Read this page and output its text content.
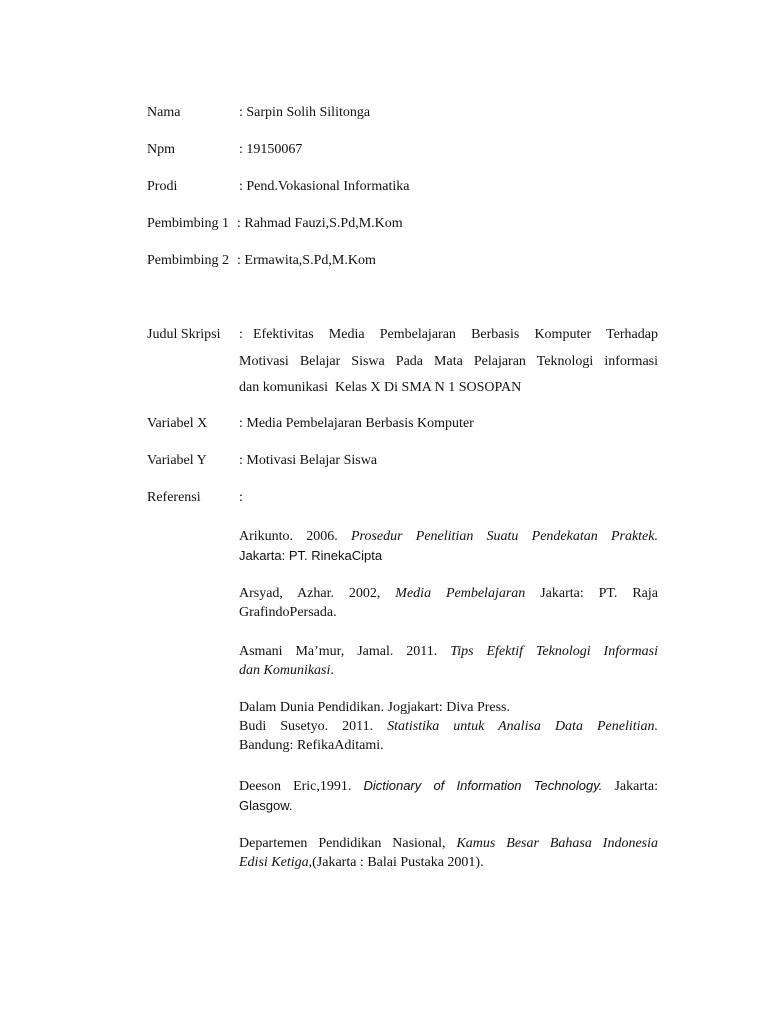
Nama	: Sarpin Solih Silitonga
Npm	: 19150067
Prodi	: Pend.Vokasional Informatika
Pembimbing 1 : Rahmad Fauzi,S.Pd,M.Kom
Pembimbing 2 : Ermawita,S.Pd,M.Kom
Judul Skripsi : Efektivitas Media Pembelajaran Berbasis Komputer Terhadap
Motivasi Belajar Siswa Pada Mata Pelajaran Teknologi informasi
dan komunikasi  Kelas X Di SMA N 1 SOSOPAN
Variabel X : Media Pembelajaran Berbasis Komputer
Variabel Y : Motivasi Belajar Siswa
Referensi	:
Arikunto. 2006. Prosedur Penelitian Suatu Pendekatan Praktek.
Jakarta: PT. RinekaCipta
Arsyad, Azhar. 2002, Media Pembelajaran Jakarta: PT. Raja
GrafindoPersada.
Asmani Ma’mur, Jamal. 2011. Tips Efektif Teknologi Informasi
dan Komunikasi.
Dalam Dunia Pendidikan. Jogjakart: Diva Press.
Budi Susetyo. 2011. Statistika untuk Analisa Data Penelitian.
Bandung: RefikaAditami.
Deeson Eric,1991. Dictionary of Information Technology. Jakarta:
Glasgow.
Departemen Pendidikan Nasional, Kamus Besar Bahasa Indonesia
Edisi Ketiga,(Jakarta : Balai Pustaka 2001).
